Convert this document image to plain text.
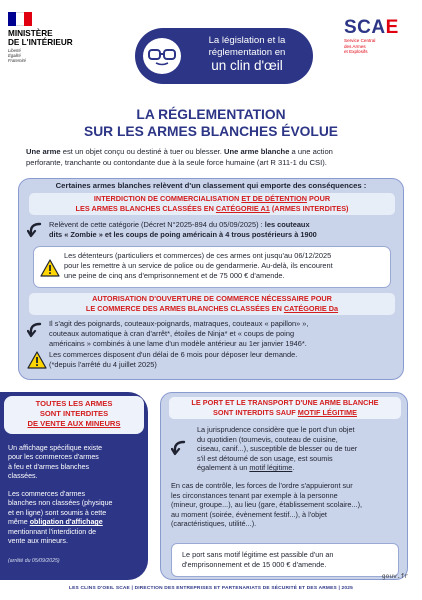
MINISTÈRE
DE L'INTÉRIEUR
Liberté
Égalité
Fraternité
La législation et la
réglementation en
un clin d'œil
SCAE
Service Central
des Armes
et Explosifs
LA RÉGLEMENTATION
SUR LES ARMES BLANCHES ÉVOLUE
Une arme est un objet conçu ou destiné à tuer ou blesser. Une arme blanche a une action
perforante, tranchante ou contondante due à la seule force humaine (art R 311-1 du CSI).
Certaines armes blanches relèvent d'un classement qui emporte des conséquences :
INTERDICTION DE COMMERCIALISATION ET DE DÉTENTION POUR
LES ARMES BLANCHES CLASSÉES EN CATÉGORIE A1 (ARMES INTERDITES)
Relèvent de cette catégorie (Décret N°2025-894 du 05/09/2025) : les couteaux
dits « Zombie » et les coups de poing américain à 4 trous postérieurs à 1900
Les détenteurs (particuliers et commerces) de ces armes ont jusqu'au 06/12/2025
pour les remettre à un service de police ou de gendarmerie. Au-delà, ils encourent
une peine de cinq ans d'emprisonnement et de 75 000 € d'amende.
AUTORISATION D'OUVERTURE DE COMMERCE NÉCESSAIRE POUR
LE COMMERCE DES ARMES BLANCHES CLASSÉES EN CATÉGORIE Da
Il s'agit des poignards, couteaux-poignards, matraques, couteaux « papillon» »,
couteaux automatique à cran d'arrêt*, étoiles de Ninja* et « coups de poing
américains » combinés à une lame d'un modèle antérieur au 1er janvier 1946*.
Les commerces disposent d'un délai de 6 mois pour déposer leur demande.
(*depuis l'arrêté du 4 juillet 2025)
TOUTES LES ARMES
SONT INTERDITES
DE VENTE AUX MINEURS
Un affichage spécifique existe
pour les commerces d'armes
à feu et d'armes blanches
classées.
Les commerces d'armes
blanches non classées (physique
et en ligne) sont soumis à cette
même obligation d'affichage
mentionnant l'interdiction de
vente aux mineurs.
(arrêté du 05/09/2025)
LE PORT ET LE TRANSPORT D'UNE ARME BLANCHE
SONT INTERDITS SAUF MOTIF LÉGITIME
La jurisprudence considère que le port d'un objet
du quotidien (tournevis, couteau de cuisine,
ciseau, canif...), susceptible de blesser ou de tuer
s'il est détourné de son usage, est soumis
également à un motif légitime.
En cas de contrôle, les forces de l'ordre s'appuieront sur
les circonstances tenant par exemple à la personne
(mineur, groupe...), au lieu (gare, établissement scolaire...),
au moment (soirée, évènement festif...), à l'objet
(caractéristiques, utilité...).
Le port sans motif légitime est passible d'un an
d'emprisonnement et de 15 000 € d'amende.
gouv.fr
LES CLINS D'OEIL SCAE | DIRECTION DES ENTREPRISES ET PARTENARIATS DE SÉCURITÉ ET DES ARMES | 2025
